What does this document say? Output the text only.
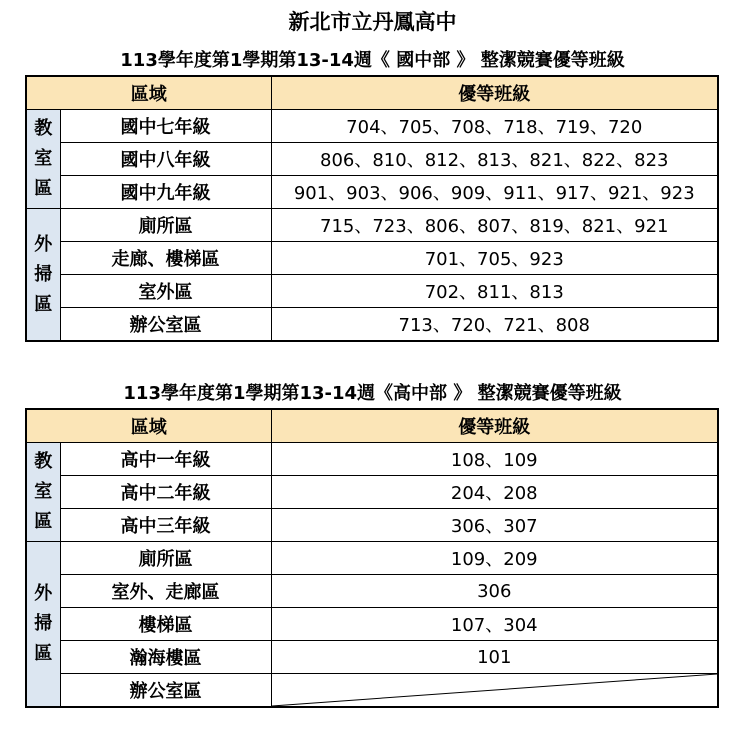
新北市立丹鳳高中
113學年度第1學期第13-14週《 國中部 》 整潔競賽優等班級
區域		優等班級

教
室
區	國中七年級	704、705、708、718、719、720
	國中八年級	806、810、812、813、821、822、823
	國中九年級	901、903、906、909、911、917、921、923

外
掃
區	廁所區	715、723、806、807、819、821、921
	走廊、樓梯區	701、705、923
	室外區	702、811、813
	辦公室區	713、720、721、808
113學年度第1學期第13-14週《高中部 》 整潔競賽優等班級
區域		優等班級

教
室
區	高中一年級	108、109
	高中二年級	204、208
	高中三年級	306、307

外
掃
區	廁所區	109、209
	室外、走廊區	306
	樓梯區	107、304
	瀚海樓區	101
	辦公室區	
